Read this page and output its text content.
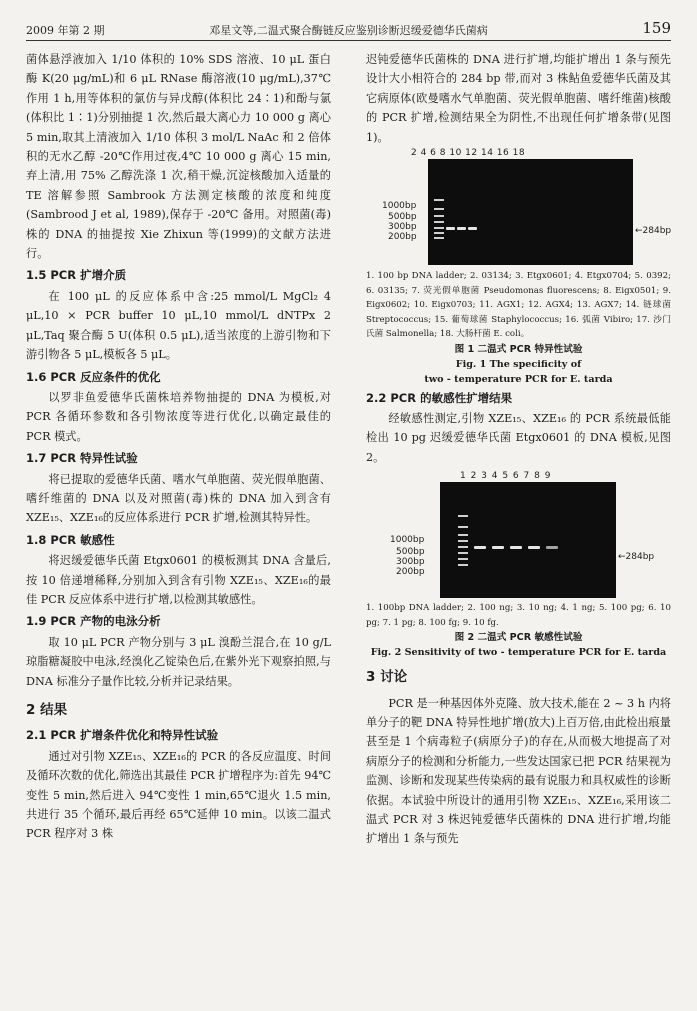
2009 年第 2 期	邓星文等,二温式聚合酶链反应鉴别诊断迟缓爱德华氏菌病	159

菌体悬浮液加入 1/10 体积的 10% SDS 溶液、10 μL 蛋白酶 K(20 μg/mL)和 6 μL RNase 酶溶液(10 μg/mL),37℃作用 1 h,用等体积的氯仿与异戊醇(体积比 24∶1)和酚与氯(体积比 1∶1)分别抽提 1 次,然后最大离心力 10 000 g 离心 5 min,取其上清液加入 1/10 体积 3 mol/L NaAc 和 2 倍体积的无水乙醇 -20℃作用过夜,4℃ 10 000 g 离心 15 min,弃上清,用 75% 乙醇洗涤 1 次,稍干燥,沉淀核酸加入适量的 TE 溶解参照 Sambrook 方法测定核酸的浓度和纯度(Sambrood J et al, 1989),保存于 -20℃ 备用。对照菌(毒)株的 DNA 的抽提按 Xie Zhixun 等(1999)的文献方法进行。

1.5 PCR 扩增介质

在 100 μL 的反应体系中含:25 mmol/L MgCl₂ 4 μL,10 × PCR buffer 10 μL,10 mmol/L dNTPx 2 μL,Taq 聚合酶 5 U(体积 0.5 μL),适当浓度的上游引物和下游引物各 5 μL,模板各 5 μL。

1.6 PCR 反应条件的优化

以罗非鱼爱德华氏菌株培养物抽提的 DNA 为模板,对 PCR 各循环参数和各引物浓度等进行优化,以确定最佳的 PCR 模式。

1.7 PCR 特异性试验

将已提取的爱德华氏菌、嗜水气单胞菌、荧光假单胞菌、嗜纤维菌的 DNA 以及对照菌(毒)株的 DNA 加入到含有 XZE₁₅、XZE₁₆的反应体系进行 PCR 扩增,检测其特异性。

1.8 PCR 敏感性

将迟缓爱德华氏菌 Etgx0601 的模板测其 DNA 含量后,按 10 倍递增稀释,分别加入到含有引物 XZE₁₅、XZE₁₆的最佳 PCR 反应体系中进行扩增,以检测其敏感性。

1.9 PCR 产物的电泳分析

取 10 μL PCR 产物分别与 3 μL 溴酚兰混合,在 10 g/L 琼脂糖凝胶中电泳,经溴化乙锭染色后,在紫外光下观察拍照,与 DNA 标准分子量作比较,分析并记录结果。

2 结果
2.1 PCR 扩增条件优化和特异性试验

通过对引物 XZE₁₅、XZE₁₆的 PCR 的各反应温度、时间及循环次数的优化,筛选出其最佳 PCR 扩增程序为:首先 94℃变性 5 min,然后进入 94℃变性 1 min,65℃退火 1.5 min,共进行 35 个循环,最后再经 65℃延伸 10 min。以该二温式 PCR 程序对 3 株

迟钝爱德华氏菌株的 DNA 进行扩增,均能扩增出 1 条与预先设计大小相符合的 284 bp 带,而对 3 株鲇鱼爱德华氏菌及其它病原体(欧曼嗜水气单胞菌、荧光假单胞菌、嗜纤维菌)核酸的 PCR 扩增,检测结果全为阴性,不出现任何扩增条带(见图 1)。

2 4 6 8 10 12 14 16 18
1000bp
500bp
300bp
200bp
←284bp
1. 100 bp DNA ladder; 2. 03134; 3. Etgx0601; 4. Etgx0704; 5. 0392; 6. 03135; 7. 荧光假单胞菌 Pseudomonas fluorescens; 8. Eigx0501; 9. Eigx0602; 10. Eigx0703; 11. AGX1; 12. AGX4; 13. AGX7; 14. 链球菌 Streptococcus; 15. 葡萄球菌 Staphylococcus; 16. 弧菌 Vibiro; 17. 沙门氏菌 Salmonella; 18. 大肠杆菌 E. coli。
图 1 二温式 PCR 特异性试验
Fig. 1 The specificity of
two - temperature PCR for E. tarda
2.2 PCR 的敏感性扩增结果

经敏感性测定,引物 XZE₁₅、XZE₁₆ 的 PCR 系统最低能检出 10 pg 迟缓爱德华氏菌 Etgx0601 的 DNA 模板,见图 2。

1 2 3 4 5 6 7 8 9
1000bp
500bp
300bp
200bp
←284bp
1. 100bp DNA ladder; 2. 100 ng; 3. 10 ng; 4. 1 ng; 5. 100 pg; 6. 10 pg; 7. 1 pg; 8. 100 fg; 9. 10 fg.
图 2 二温式 PCR 敏感性试验
Fig. 2 Sensitivity of two - temperature PCR for E. tarda
3 讨论

PCR 是一种基因体外克隆、放大技术,能在 2 ~ 3 h 内将单分子的靶 DNA 特异性地扩增(放大)上百万倍,由此检出痕量甚至是 1 个病毒粒子(病原分子)的存在,从而极大地提高了对病原分子的检测和分析能力,一些发达国家已把 PCR 结果视为监测、诊断和发现某些传染病的最有说服力和具权威性的诊断依据。本试验中所设计的通用引物 XZE₁₅、XZE₁₆,采用该二温式 PCR 对 3 株迟钝爱德华氏菌株的 DNA 进行扩增,均能扩增出 1 条与预先
